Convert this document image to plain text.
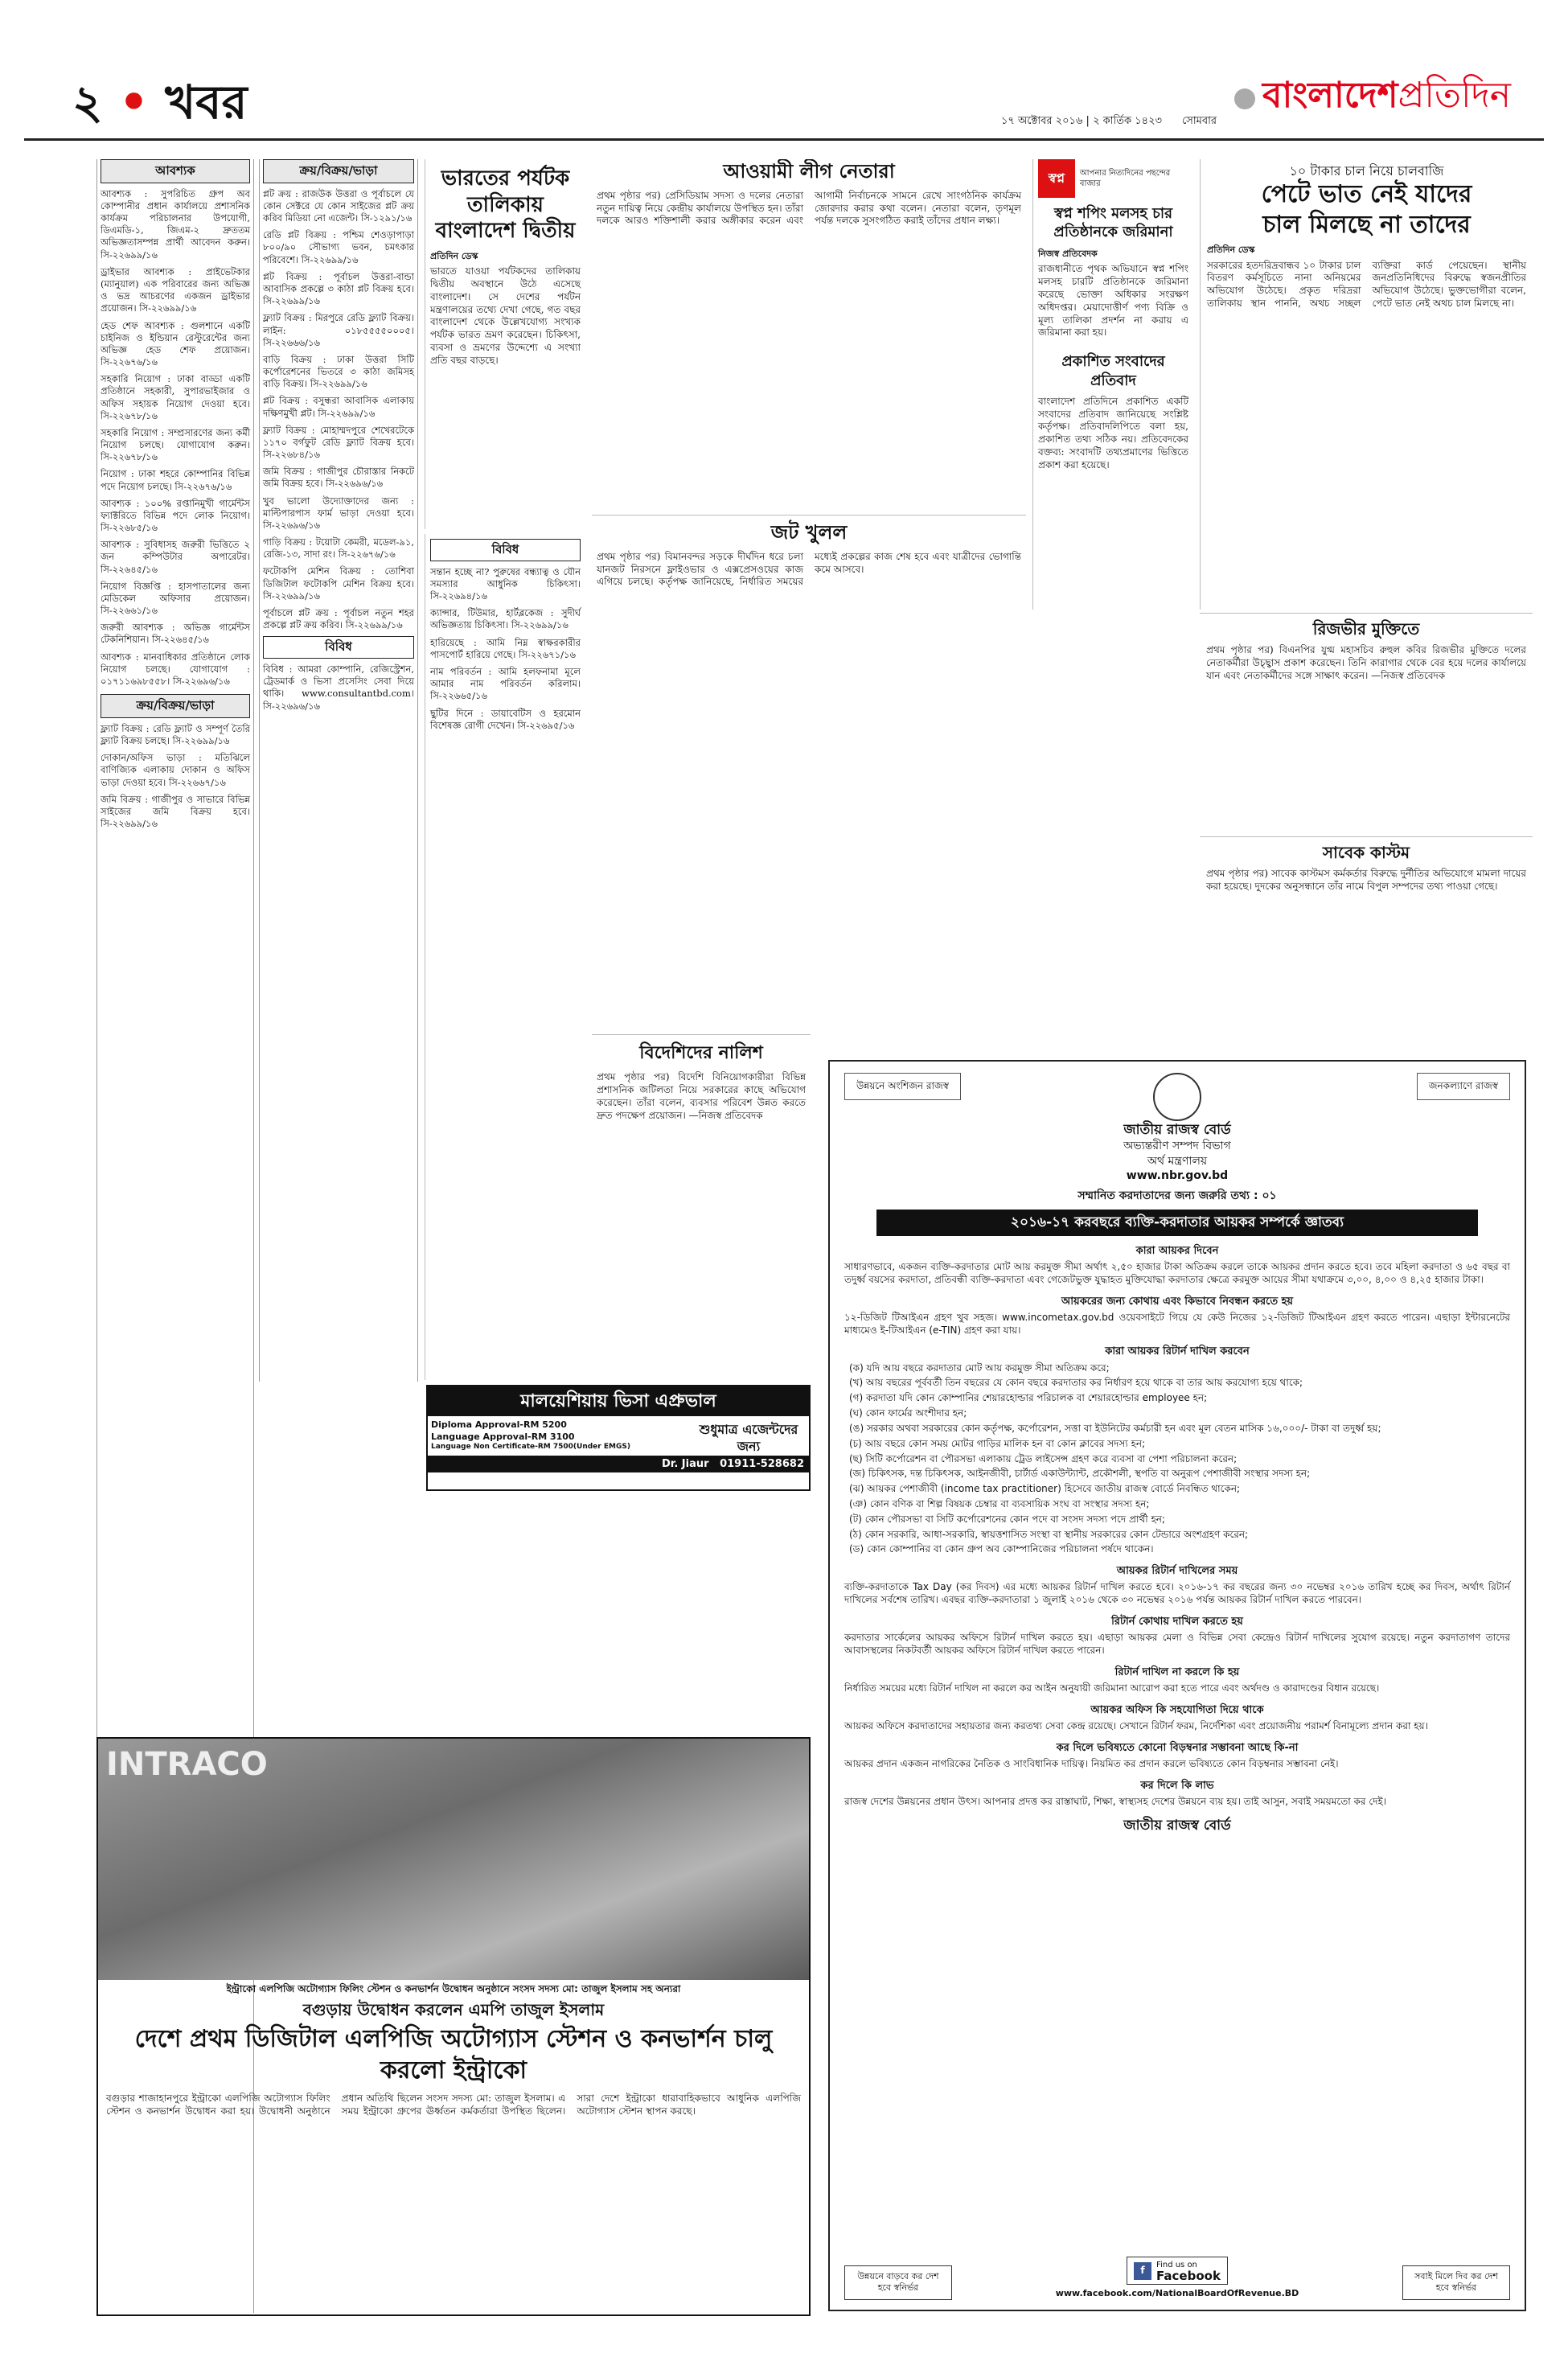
২ • খবর	১৭ অক্টোবর ২০১৬ | ২ কার্তিক ১৪২৩ সোমবার
বাংলাদেশপ্রতিদিন
আবশ্যক

আবশ্যক : সুপরিচিত গ্রুপ অব কোম্পানীর প্রধান কার্যালয়ে প্রশাসনিক কার্যক্রম পরিচালনার উপযোগী, ডিএমডি-১, জিএম-২ দ্রুততম অভিজ্ঞতাসম্পন্ন প্রার্থী আবেদন করুন। সি-২২৬৯৯/১৬

ড্রাইভার আবশ্যক : প্রাইভেটকার (ম্যানুয়াল) এক পরিবারের জন্য অভিজ্ঞ ও ভদ্র আচরণের একজন ড্রাইভার প্রয়োজন। সি-২২৬৯৯/১৬

হেড শেফ আবশ্যক : গুলশানে একটি চাইনিজ ও ইন্ডিয়ান রেস্টুরেন্টের জন্য অভিজ্ঞ হেড শেফ প্রয়োজন। সি-২২৬৭৬/১৬

সহকারি নিয়োগ : ঢাকা বাড্ডা একটি প্রতিষ্ঠানে সহকারী, সুপারভাইজার ও অফিস সহায়ক নিয়োগ দেওয়া হবে। সি-২২৬৭৮/১৬

সহকারি নিয়োগ : সম্প্রসারণের জন্য কর্মী নিয়োগ চলছে। যোগাযোগ করুন। সি-২২৬৭৮/১৬

নিয়োগ : ঢাকা শহরে কোম্পানির বিভিন্ন পদে নিয়োগ চলছে। সি-২২৬৭৬/১৬

আবশ্যক : ১০০% রপ্তানিমুখী গার্মেন্টস ফ্যাক্টরিতে বিভিন্ন পদে লোক নিয়োগ। সি-২২৬৮৫/১৬

আবশ্যক : সুবিধাসহ জরুরী ভিত্তিতে ২ জন কম্পিউটার অপারেটর। সি-২২৬৪৫/১৬

নিয়োগ বিজ্ঞপ্তি : হাসপাতালের জন্য মেডিকেল অফিসার প্রয়োজন। সি-২২৬৬১/১৬

জরুরী আবশ্যক : অভিজ্ঞ গার্মেন্টস টেকনিশিয়ান। সি-২২৬৪৫/১৬

আবশ্যক : মানবাধিকার প্রতিষ্ঠানে লোক নিয়োগ চলছে। যোগাযোগ : ০১৭১১৬৯৮৫৫৮। সি-২২৬৯৬/১৬

ক্রয়/বিক্রয়/ভাড়া

ফ্ল্যাট বিক্রয় : রেডি ফ্ল্যাট ও সম্পূর্ণ তৈরি ফ্ল্যাট বিক্রয় চলছে। সি-২২৬৯৯/১৬

দোকান/অফিস ভাড়া : মতিঝিলে বাণিজ্যিক এলাকায় দোকান ও অফিস ভাড়া দেওয়া হবে। সি-২২৬৬৭/১৬

জমি বিক্রয় : গাজীপুর ও সাভারে বিভিন্ন সাইজের জমি বিক্রয় হবে। সি-২২৬৯৯/১৬

ক্রয়/বিক্রয়/ভাড়া

প্লট ক্রয় : রাজউক উত্তরা ও পূর্বাচলে যে কোন সেক্টরে যে কোন সাইজের প্লট ক্রয় করিব মিডিয়া নো এজেন্ট। সি-১২৯১/১৬

রেডি প্লট বিক্রয় : পশ্চিম শেওড়াপাড়া ৮০০/৯০ সৌভাগ্য ভবন, চমৎকার পরিবেশে। সি-২২৬৯৯/১৬

প্লট বিক্রয় : পূর্বাচল উত্তরা-বান্ডা আবাসিক প্রকল্পে ৩ কাঠা প্লট বিক্রয় হবে। সি-২২৬৯৯/১৬

ফ্ল্যাট বিক্রয় : মিরপুরে রেডি ফ্ল্যাট বিক্রয়। লাইন: ০১৮৫৫৫৫০০০৫। সি-২২৬৬৬/১৬

বাড়ি বিক্রয় : ঢাকা উত্তরা সিটি কর্পোরেশনের ভিতরে ৩ কাঠা জমিসহ বাড়ি বিক্রয়। সি-২২৬৯৯/১৬

প্লট বিক্রয় : বসুন্ধরা আবাসিক এলাকায় দক্ষিণমুখী প্লট। সি-২২৬৯৯/১৬

ফ্ল্যাট বিক্রয় : মোহাম্মদপুরে শেখেরটেকে ১১৭০ বর্গফুট রেডি ফ্ল্যাট বিক্রয় হবে। সি-২২৬৮৪/১৬

জমি বিক্রয় : গাজীপুর চৌরাস্তার নিকটে জমি বিক্রয় হবে। সি-২২৬৯৬/১৬

খুব ভালো উদ্যোক্তাদের জন্য : মাল্টিপারপাস ফার্ম ভাড়া দেওয়া হবে। সি-২২৬৯৬/১৬

গাড়ি বিক্রয় : টয়োটা কেমরী, মডেল-৯১, রেজি-১৩, সাদা রং। সি-২২৬৭৬/১৬

ফটোকপি মেশিন বিক্রয় : তোশিবা ডিজিটাল ফটোকপি মেশিন বিক্রয় হবে। সি-২২৬৯৯/১৬

পূর্বাচলে প্লট ক্রয় : পূর্বাচল নতুন শহর প্রকল্পে প্লট ক্রয় করিব। সি-২২৬৯৯/১৬

বিবিধ

বিবিধ : আমরা কোম্পানি, রেজিস্ট্রেশন, ট্রেডমার্ক ও ভিসা প্রসেসিং সেবা দিয়ে থাকি। www.consultantbd.com। সি-২২৬৯৬/১৬

ভারতের পর্যটক তালিকায় বাংলাদেশ দ্বিতীয়
প্রতিদিন ডেস্ক

ভারতে যাওয়া পর্যটকদের তালিকায় দ্বিতীয় অবস্থানে উঠে এসেছে বাংলাদেশ। সে দেশের পর্যটন মন্ত্রণালয়ের তথ্যে দেখা গেছে, গত বছর বাংলাদেশ থেকে উল্লেখযোগ্য সংখ্যক পর্যটক ভারত ভ্রমণ করেছেন। চিকিৎসা, ব্যবসা ও ভ্রমণের উদ্দেশ্যে এ সংখ্যা প্রতি বছর বাড়ছে।

বিবিধ

সন্তান হচ্ছে না? পুরুষের বন্ধ্যাত্ব ও যৌন সমস্যার আধুনিক চিকিৎসা। সি-২২৬৯৪/১৬

ক্যান্সার, টিউমার, হার্টব্লকেজ : সুদীর্ঘ অভিজ্ঞতায় চিকিৎসা। সি-২২৬৯৯/১৬

হারিয়েছে : আমি নিম্ন স্বাক্ষরকারীর পাসপোর্ট হারিয়ে গেছে। সি-২২৬৭১/১৬

নাম পরিবর্তন : আমি হলফনামা মূলে আমার নাম পরিবর্তন করিলাম। সি-২২৬৬৫/১৬

ছুটির দিনে : ডায়াবেটিস ও হরমোন বিশেষজ্ঞ রোগী দেখেন। সি-২২৬৯৫/১৬

আওয়ামী লীগ নেতারা
প্রথম পৃষ্ঠার পর) প্রেসিডিয়াম সদস্য ও দলের নেতারা নতুন দায়িত্ব নিয়ে কেন্দ্রীয় কার্যালয়ে উপস্থিত হন। তাঁরা দলকে আরও শক্তিশালী করার অঙ্গীকার করেন এবং আগামী নির্বাচনকে সামনে রেখে সাংগঠনিক কার্যক্রম জোরদার করার কথা বলেন। নেতারা বলেন, তৃণমূল পর্যন্ত দলকে সুসংগঠিত করাই তাঁদের প্রধান লক্ষ্য।
জট খুলল
প্রথম পৃষ্ঠার পর) বিমানবন্দর সড়কে দীর্ঘদিন ধরে চলা যানজট নিরসনে ফ্লাইওভার ও এক্সপ্রেসওয়ের কাজ এগিয়ে চলছে। কর্তৃপক্ষ জানিয়েছে, নির্ধারিত সময়ের মধ্যেই প্রকল্পের কাজ শেষ হবে এবং যাত্রীদের ভোগান্তি কমে আসবে।
বিদেশিদের নালিশ

প্রথম পৃষ্ঠার পর) বিদেশি বিনিয়োগকারীরা বিভিন্ন প্রশাসনিক জটিলতা নিয়ে সরকারের কাছে অভিযোগ করেছেন। তাঁরা বলেন, ব্যবসার পরিবেশ উন্নত করতে দ্রুত পদক্ষেপ প্রয়োজন। —নিজস্ব প্রতিবেদক

স্বপ্ন	আপনার নিত্যদিনের পছন্দের বাজার
স্বপ্ন শপিং মলসহ চার প্রতিষ্ঠানকে জরিমানা
নিজস্ব প্রতিবেদক

রাজধানীতে পৃথক অভিযানে স্বপ্ন শপিং মলসহ চারটি প্রতিষ্ঠানকে জরিমানা করেছে ভোক্তা অধিকার সংরক্ষণ অধিদপ্তর। মেয়াদোত্তীর্ণ পণ্য বিক্রি ও মূল্য তালিকা প্রদর্শন না করায় এ জরিমানা করা হয়।

প্রকাশিত সংবাদের প্রতিবাদ

বাংলাদেশ প্রতিদিনে প্রকাশিত একটি সংবাদের প্রতিবাদ জানিয়েছে সংশ্লিষ্ট কর্তৃপক্ষ। প্রতিবাদলিপিতে বলা হয়, প্রকাশিত তথ্য সঠিক নয়। প্রতিবেদকের বক্তব্য: সংবাদটি তথ্যপ্রমাণের ভিত্তিতে প্রকাশ করা হয়েছে।

১০ টাকার চাল নিয়ে চালবাজি
পেটে ভাত নেই যাদের
চাল মিলছে না তাদের
প্রতিদিন ডেস্ক
সরকারের হতদরিদ্রবান্ধব ১০ টাকার চাল বিতরণ কর্মসূচিতে নানা অনিয়মের অভিযোগ উঠেছে। প্রকৃত দরিদ্ররা তালিকায় স্থান পাননি, অথচ সচ্ছল ব্যক্তিরা কার্ড পেয়েছেন। স্থানীয় জনপ্রতিনিধিদের বিরুদ্ধে স্বজনপ্রীতির অভিযোগ উঠেছে। ভুক্তভোগীরা বলেন, পেটে ভাত নেই অথচ চাল মিলছে না।
রিজভীর মুক্তিতে

প্রথম পৃষ্ঠার পর) বিএনপির যুগ্ম মহাসচিব রুহুল কবির রিজভীর মুক্তিতে দলের নেতাকর্মীরা উচ্ছ্বাস প্রকাশ করেছেন। তিনি কারাগার থেকে বের হয়ে দলের কার্যালয়ে যান এবং নেতাকর্মীদের সঙ্গে সাক্ষাৎ করেন। —নিজস্ব প্রতিবেদক

সাবেক কাস্টম

প্রথম পৃষ্ঠার পর) সাবেক কাস্টমস কর্মকর্তার বিরুদ্ধে দুর্নীতির অভিযোগে মামলা দায়ের করা হয়েছে। দুদকের অনুসন্ধানে তাঁর নামে বিপুল সম্পদের তথ্য পাওয়া গেছে।

মালয়েশিয়ায় ভিসা এপ্রুভাল
Diploma Approval-RM 5200
Language Approval-RM 3100
Language Non Certificate-RM 7500(Under EMGS)
শুধুমাত্র এজেন্টদের জন্য
Dr. Jiaur 01911-528682
INTRACO
ইন্ট্রাকো এলপিজি অটোগ্যাস ফিলিং স্টেশন ও কনভার্শন উদ্বোধন অনুষ্ঠানে সংসদ সদস্য মো: তাজুল ইসলাম সহ অন্যরা
বগুড়ায় উদ্বোধন করলেন এমপি তাজুল ইসলাম
দেশে প্রথম ডিজিটাল এলপিজি অটোগ্যাস স্টেশন ও কনভার্শন চালু করলো ইন্ট্রাকো
বগুড়ার শাজাহানপুরে ইন্ট্রাকো এলপিজি অটোগ্যাস ফিলিং স্টেশন ও কনভার্শন উদ্বোধন করা হয়। উদ্বোধনী অনুষ্ঠানে প্রধান অতিথি ছিলেন সংসদ সদস্য মো: তাজুল ইসলাম। এ সময় ইন্ট্রাকো গ্রুপের ঊর্ধ্বতন কর্মকর্তারা উপস্থিত ছিলেন। সারা দেশে ইন্ট্রাকো ধারাবাহিকভাবে আধুনিক এলপিজি অটোগ্যাস স্টেশন স্থাপন করছে।
উন্নয়নে অংশিজন রাজস্ব	জনকল্যাণে রাজস্ব
জাতীয় রাজস্ব বোর্ড
অভ্যন্তরীণ সম্পদ বিভাগ
অর্থ মন্ত্রণালয়
www.nbr.gov.bd
সম্মানিত করদাতাদের জন্য জরুরি তথ্য : ০১
২০১৬-১৭ করবছরে ব্যক্তি-করদাতার আয়কর সম্পর্কে জ্ঞাতব্য
কারা আয়কর দিবেন

সাধারণভাবে, একজন ব্যক্তি-করদাতার মোট আয় করমুক্ত সীমা অর্থাৎ ২,৫০ হাজার টাকা অতিক্রম করলে তাকে আয়কর প্রদান করতে হবে। তবে মহিলা করদাতা ও ৬৫ বছর বা তদুর্ধ্ব বয়সের করদাতা, প্রতিবন্ধী ব্যক্তি-করদাতা এবং গেজেটভুক্ত যুদ্ধাহত মুক্তিযোদ্ধা করদাতার ক্ষেত্রে করমুক্ত আয়ের সীমা যথাক্রমে ৩,০০, ৪,০০ ও ৪,২৫ হাজার টাকা।

আয়করের জন্য কোথায় এবং কিভাবে নিবন্ধন করতে হয়

১২-ডিজিট টিআইএন গ্রহণ খুব সহজ। www.incometax.gov.bd ওয়েবসাইটে গিয়ে যে কেউ নিজের ১২-ডিজিট টিআইএন গ্রহণ করতে পারেন। এছাড়া ইন্টারনেটের মাধ্যমেও ই-টিআইএন (e-TIN) গ্রহণ করা যায়।

কারা আয়কর রিটার্ন দাখিল করবেন
(ক) যদি আয় বছরে করদাতার মোট আয় করমুক্ত সীমা অতিক্রম করে;
(খ) আয় বছরের পূর্ববর্তী তিন বছরের যে কোন বছরে করদাতার কর নির্ধারণ হয়ে থাকে বা তার আয় করযোগ্য হয়ে থাকে;
(গ) করদাতা যদি কোন কোম্পানির শেয়ারহোল্ডার পরিচালক বা শেয়ারহোল্ডার employee হন;
(ঘ) কোন ফার্মের অংশীদার হন;
(ঙ) সরকার অথবা সরকারের কোন কর্তৃপক্ষ, কর্পোরেশন, সত্তা বা ইউনিটের কর্মচারী হন এবং মূল বেতন মাসিক ১৬,০০০/- টাকা বা তদুর্ধ্ব হয়;
(চ) আয় বছরে কোন সময় মোটর গাড়ির মালিক হন বা কোন ক্লাবের সদস্য হন;
(ছ) সিটি কর্পোরেশন বা পৌরসভা এলাকায় ট্রেড লাইসেন্স গ্রহণ করে ব্যবসা বা পেশা পরিচালনা করেন;
(জ) চিকিৎসক, দন্ত চিকিৎসক, আইনজীবী, চার্টার্ড একাউন্ট্যান্ট, প্রকৌশলী, স্থপতি বা অনুরূপ পেশাজীবী সংস্থার সদস্য হন;
(ঝ) আয়কর পেশাজীবী (income tax practitioner) হিসেবে জাতীয় রাজস্ব বোর্ডে নিবন্ধিত থাকেন;
(ঞ) কোন বণিক বা শিল্প বিষয়ক চেম্বার বা ব্যবসায়িক সংঘ বা সংস্থার সদস্য হন;
(ট) কোন পৌরসভা বা সিটি কর্পোরেশনের কোন পদে বা সংসদ সদস্য পদে প্রার্থী হন;
(ঠ) কোন সরকারি, আধা-সরকারি, স্বায়ত্তশাসিত সংস্থা বা স্থানীয় সরকারের কোন টেন্ডারে অংশগ্রহণ করেন;
(ড) কোন কোম্পানির বা কোন গ্রুপ অব কোম্পানিজের পরিচালনা পর্ষদে থাকেন।
আয়কর রিটার্ন দাখিলের সময়

ব্যক্তি-করদাতাকে Tax Day (কর দিবস) এর মধ্যে আয়কর রিটার্ন দাখিল করতে হবে। ২০১৬-১৭ কর বছরের জন্য ৩০ নভেম্বর ২০১৬ তারিখ হচ্ছে কর দিবস, অর্থাৎ রিটার্ন দাখিলের সর্বশেষ তারিখ। এবছর ব্যক্তি-করদাতারা ১ জুলাই ২০১৬ থেকে ৩০ নভেম্বর ২০১৬ পর্যন্ত আয়কর রিটার্ন দাখিল করতে পারবেন।

রিটার্ন কোথায় দাখিল করতে হয়

করদাতার সার্কেলের আয়কর অফিসে রিটার্ন দাখিল করতে হয়। এছাড়া আয়কর মেলা ও বিভিন্ন সেবা কেন্দ্রেও রিটার্ন দাখিলের সুযোগ রয়েছে। নতুন করদাতাগণ তাদের আবাসস্থলের নিকটবর্তী আয়কর অফিসে রিটার্ন দাখিল করতে পারেন।

রিটার্ন দাখিল না করলে কি হয়

নির্ধারিত সময়ের মধ্যে রিটার্ন দাখিল না করলে কর আইন অনুযায়ী জরিমানা আরোপ করা হতে পারে এবং অর্থদণ্ড ও কারাদণ্ডের বিধান রয়েছে।

আয়কর অফিস কি সহযোগিতা দিয়ে থাকে

আয়কর অফিসে করদাতাদের সহায়তার জন্য করতথ্য সেবা কেন্দ্র রয়েছে। সেখানে রিটার্ন ফরম, নির্দেশিকা এবং প্রয়োজনীয় পরামর্শ বিনামূল্যে প্রদান করা হয়।

কর দিলে ভবিষ্যতে কোনো বিড়ম্বনার সম্ভাবনা আছে কি-না

আয়কর প্রদান একজন নাগরিকের নৈতিক ও সাংবিধানিক দায়িত্ব। নিয়মিত কর প্রদান করলে ভবিষ্যতে কোন বিড়ম্বনার সম্ভাবনা নেই।

কর দিলে কি লাভ

রাজস্ব দেশের উন্নয়নের প্রধান উৎস। আপনার প্রদত্ত কর রাস্তাঘাট, শিক্ষা, স্বাস্থ্যসহ দেশের উন্নয়নে ব্যয় হয়। তাই আসুন, সবাই সময়মতো কর দেই।

জাতীয় রাজস্ব বোর্ড
উন্নয়নে বাড়বে কর দেশ হবে স্বনির্ভর
f	Find us on
Facebook
www.facebook.com/NationalBoardOfRevenue.BD
সবাই মিলে দিব কর দেশ হবে স্বনির্ভর
